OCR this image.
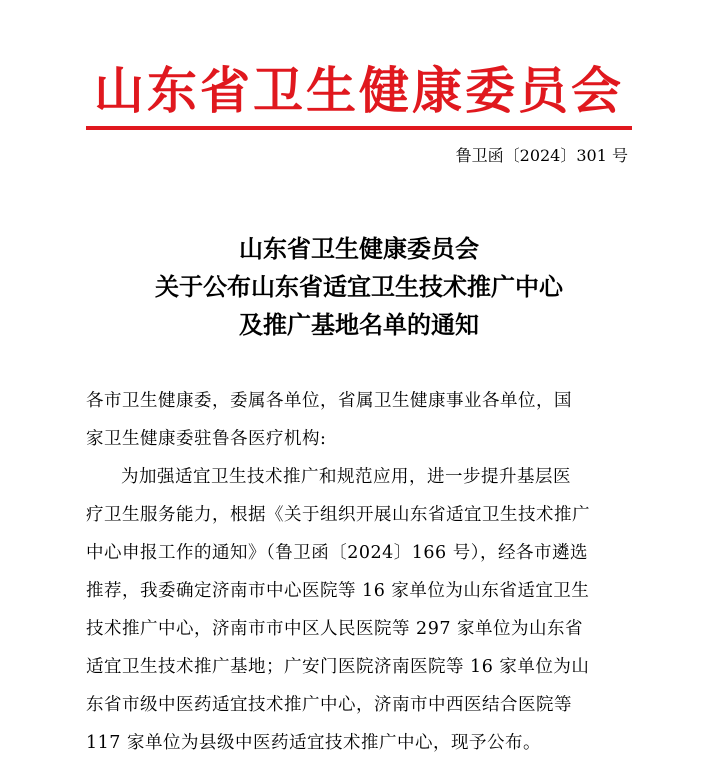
山东省卫生健康委员会
鲁卫函〔2024〕301 号
山东省卫生健康委员会
关于公布山东省适宜卫生技术推广中心
及推广基地名单的通知
各市卫生健康委，委属各单位，省属卫生健康事业各单位，国
家卫生健康委驻鲁各医疗机构:
为加强适宜卫生技术推广和规范应用，进一步提升基层医
疗卫生服务能力，根据《关于组织开展山东省适宜卫生技术推广
中心申报工作的通知》（鲁卫函〔2024〕166 号），经各市遴选
推荐，我委确定济南市中心医院等 16 家单位为山东省适宜卫生
技术推广中心，济南市市中区人民医院等 297 家单位为山东省
适宜卫生技术推广基地；广安门医院济南医院等 16 家单位为山
东省市级中医药适宜技术推广中心，济南市中西医结合医院等
117 家单位为县级中医药适宜技术推广中心，现予公布。
